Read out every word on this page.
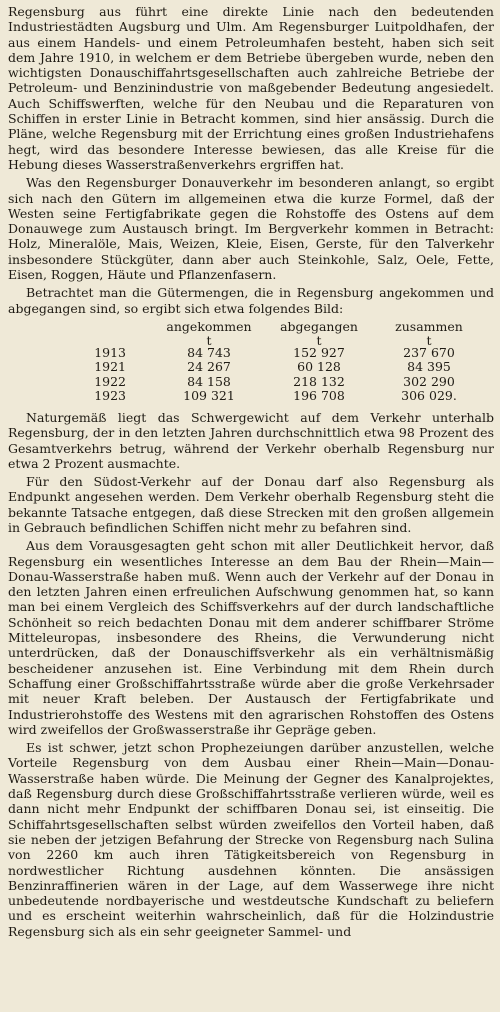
Regensburg aus führt eine direkte Linie nach den bedeutenden Industriestädten Augsburg und Ulm. Am Regensburger Luitpoldhafen, der aus einem Handels- und einem Petroleumhafen besteht, haben sich seit dem Jahre 1910, in welchem er dem Betriebe übergeben wurde, neben den wichtigsten Donauschiffahrtsgesellschaften auch zahlreiche Betriebe der Petroleum- und Benzinindustrie von maßgebender Bedeutung angesiedelt. Auch Schiffswerften, welche für den Neubau und die Reparaturen von Schiffen in erster Linie in Betracht kommen, sind hier ansässig. Durch die Pläne, welche Regensburg mit der Errichtung eines großen Industriehafens hegt, wird das besondere Interesse bewiesen, das alle Kreise für die Hebung dieses Wasserstraßenverkehrs ergriffen hat.

Was den Regensburger Donauverkehr im besonderen anlangt, so ergibt sich nach den Gütern im allgemeinen etwa die kurze Formel, daß der Westen seine Fertigfabrikate gegen die Rohstoffe des Ostens auf dem Donauwege zum Austausch bringt. Im Bergverkehr kommen in Betracht: Holz, Mineralöle, Mais, Weizen, Kleie, Eisen, Gerste, für den Talverkehr insbesondere Stückgüter, dann aber auch Steinkohle, Salz, Oele, Fette, Eisen, Roggen, Häute und Pflanzenfasern.

Betrachtet man die Gütermengen, die in Regensburg angekommen und abgegangen sind, so ergibt sich etwa folgendes Bild:

	angekommen	abgegangen	zusammen
	t	t	t
1913	84 743	152 927	237 670
1921	24 267	60 128	84 395
1922	84 158	218 132	302 290
1923	109 321	196 708	306 029.

Naturgemäß liegt das Schwergewicht auf dem Verkehr unterhalb Regensburg, der in den letzten Jahren durchschnittlich etwa 98 Prozent des Gesamtverkehrs betrug, während der Verkehr oberhalb Regensburg nur etwa 2 Prozent ausmachte.

Für den Südost-Verkehr auf der Donau darf also Regensburg als Endpunkt angesehen werden. Dem Verkehr oberhalb Regensburg steht die bekannte Tatsache entgegen, daß diese Strecken mit den großen allgemein in Gebrauch befindlichen Schiffen nicht mehr zu befahren sind.

Aus dem Vorausgesagten geht schon mit aller Deutlichkeit hervor, daß Regensburg ein wesentliches Interesse an dem Bau der Rhein—Main—Donau-Wasserstraße haben muß. Wenn auch der Verkehr auf der Donau in den letzten Jahren einen erfreulichen Aufschwung genommen hat, so kann man bei einem Vergleich des Schiffsverkehrs auf der durch landschaftliche Schönheit so reich bedachten Donau mit dem anderer schiffbarer Ströme Mitteleuropas, insbesondere des Rheins, die Verwunderung nicht unterdrücken, daß der Donauschiffsverkehr als ein verhältnismäßig bescheidener anzusehen ist. Eine Verbindung mit dem Rhein durch Schaffung einer Großschiffahrtsstraße würde aber die große Verkehrsader mit neuer Kraft beleben. Der Austausch der Fertigfabrikate und Industrierohstoffe des Westens mit den agrarischen Rohstoffen des Ostens wird zweifellos der Großwasserstraße ihr Gepräge geben.

Es ist schwer, jetzt schon Prophezeiungen darüber anzustellen, welche Vorteile Regensburg von dem Ausbau einer Rhein—Main—Donau-Wasserstraße haben würde. Die Meinung der Gegner des Kanalprojektes, daß Regensburg durch diese Großschiffahrtsstraße verlieren würde, weil es dann nicht mehr Endpunkt der schiffbaren Donau sei, ist einseitig. Die Schiffahrtsgesellschaften selbst würden zweifellos den Vorteil haben, daß sie neben der jetzigen Befahrung der Strecke von Regensburg nach Sulina von 2260 km auch ihren Tätigkeitsbereich von Regensburg in nordwestlicher Richtung ausdehnen könnten. Die ansässigen Benzinraffinerien wären in der Lage, auf dem Wasserwege ihre nicht unbedeutende nordbayerische und westdeutsche Kundschaft zu beliefern und es erscheint weiterhin wahrscheinlich, daß für die Holzindustrie Regensburg sich als ein sehr geeigneter Sammel- und
